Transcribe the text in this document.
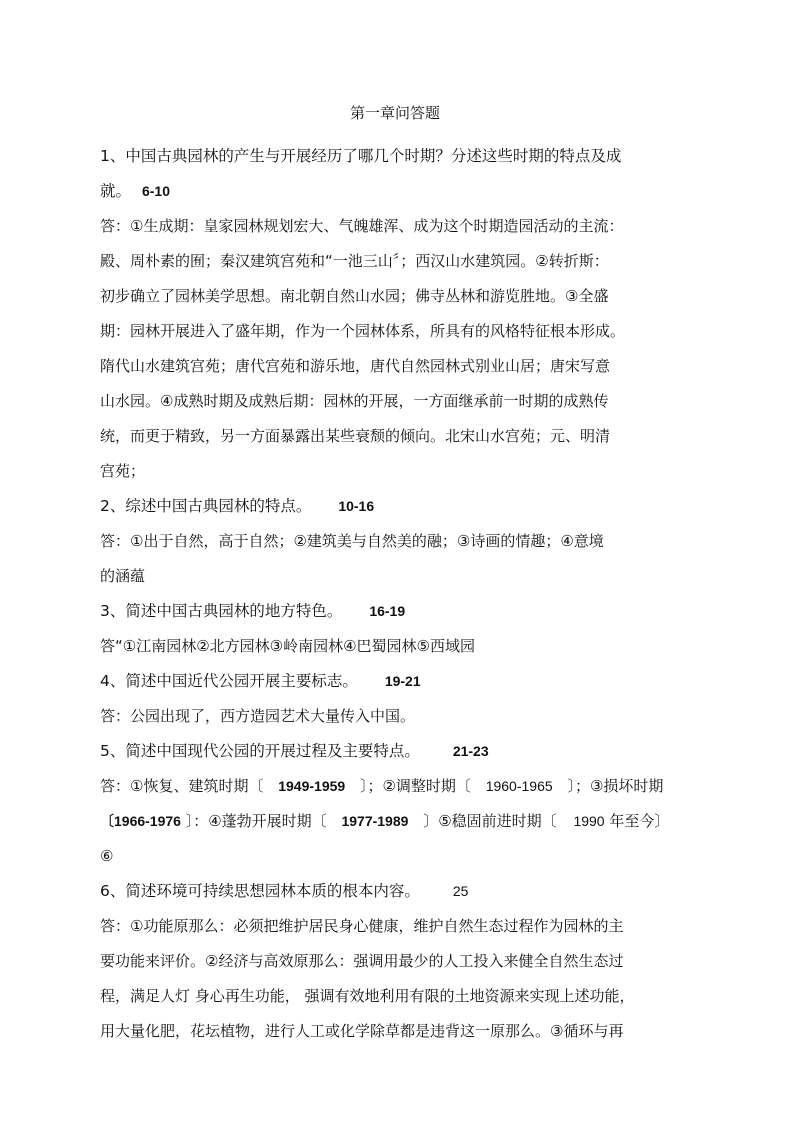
第一章问答题
1、中国古典园林的产生与开展经历了哪几个时期？分述这些时期的特点及成
就。 6-10
答：①生成期：皇家园林规划宏大、气魄雄浑、成为这个时期造园活动的主流：
殿、周朴素的囿；秦汉建筑宫苑和“一池三山〞；西汉山水建筑园。②转折斯：
初步确立了园林美学思想。南北朝自然山水园；佛寺丛林和游览胜地。③全盛
期：园林开展进入了盛年期，作为一个园林体系，所具有的风格特征根本形成。
隋代山水建筑宫苑；唐代宫苑和游乐地，唐代自然园林式别业山居；唐宋写意
山水园。④成熟时期及成熟后期：园林的开展，一方面继承前一时期的成熟传
统，而更于精致，另一方面暴露出某些衰颓的倾向。北宋山水宫苑；元、明清
宫苑；
2、综述中国古典园林的特点。 10-16
答：①出于自然，高于自然；②建筑美与自然美的融；③诗画的情趣；④意境
的涵蕴
3、简述中国古典园林的地方特色。 16-19
答“①江南园林②北方园林③岭南园林④巴蜀园林⑤西域园
4、简述中国近代公园开展主要标志。 19-21
答：公园出现了，西方造园艺术大量传入中国。
5、简述中国现代公园的开展过程及主要特点。 21-23
答：①恢复、建筑时期〔 1949-1959 〕；②调整时期〔 1960-1965 〕；③损坏时期
〔1966-1976 〕：④蓬勃开展时期〔 1977-1989 〕⑤稳固前进时期〔 1990 年至今〕
⑥
6、简述环境可持续思想园林本质的根本内容。 25
答：①功能原那么：必须把维护居民身心健康，维护自然生态过程作为园林的主
要功能来评价。②经济与高效原那么：强调用最少的人工投入来健全自然生态过
程，满足人灯 身心再生功能， 强调有效地利用有限的土地资源来实现上述功能，
用大量化肥，花坛植物，进行人工或化学除草都是违背这一原那么。③循环与再
